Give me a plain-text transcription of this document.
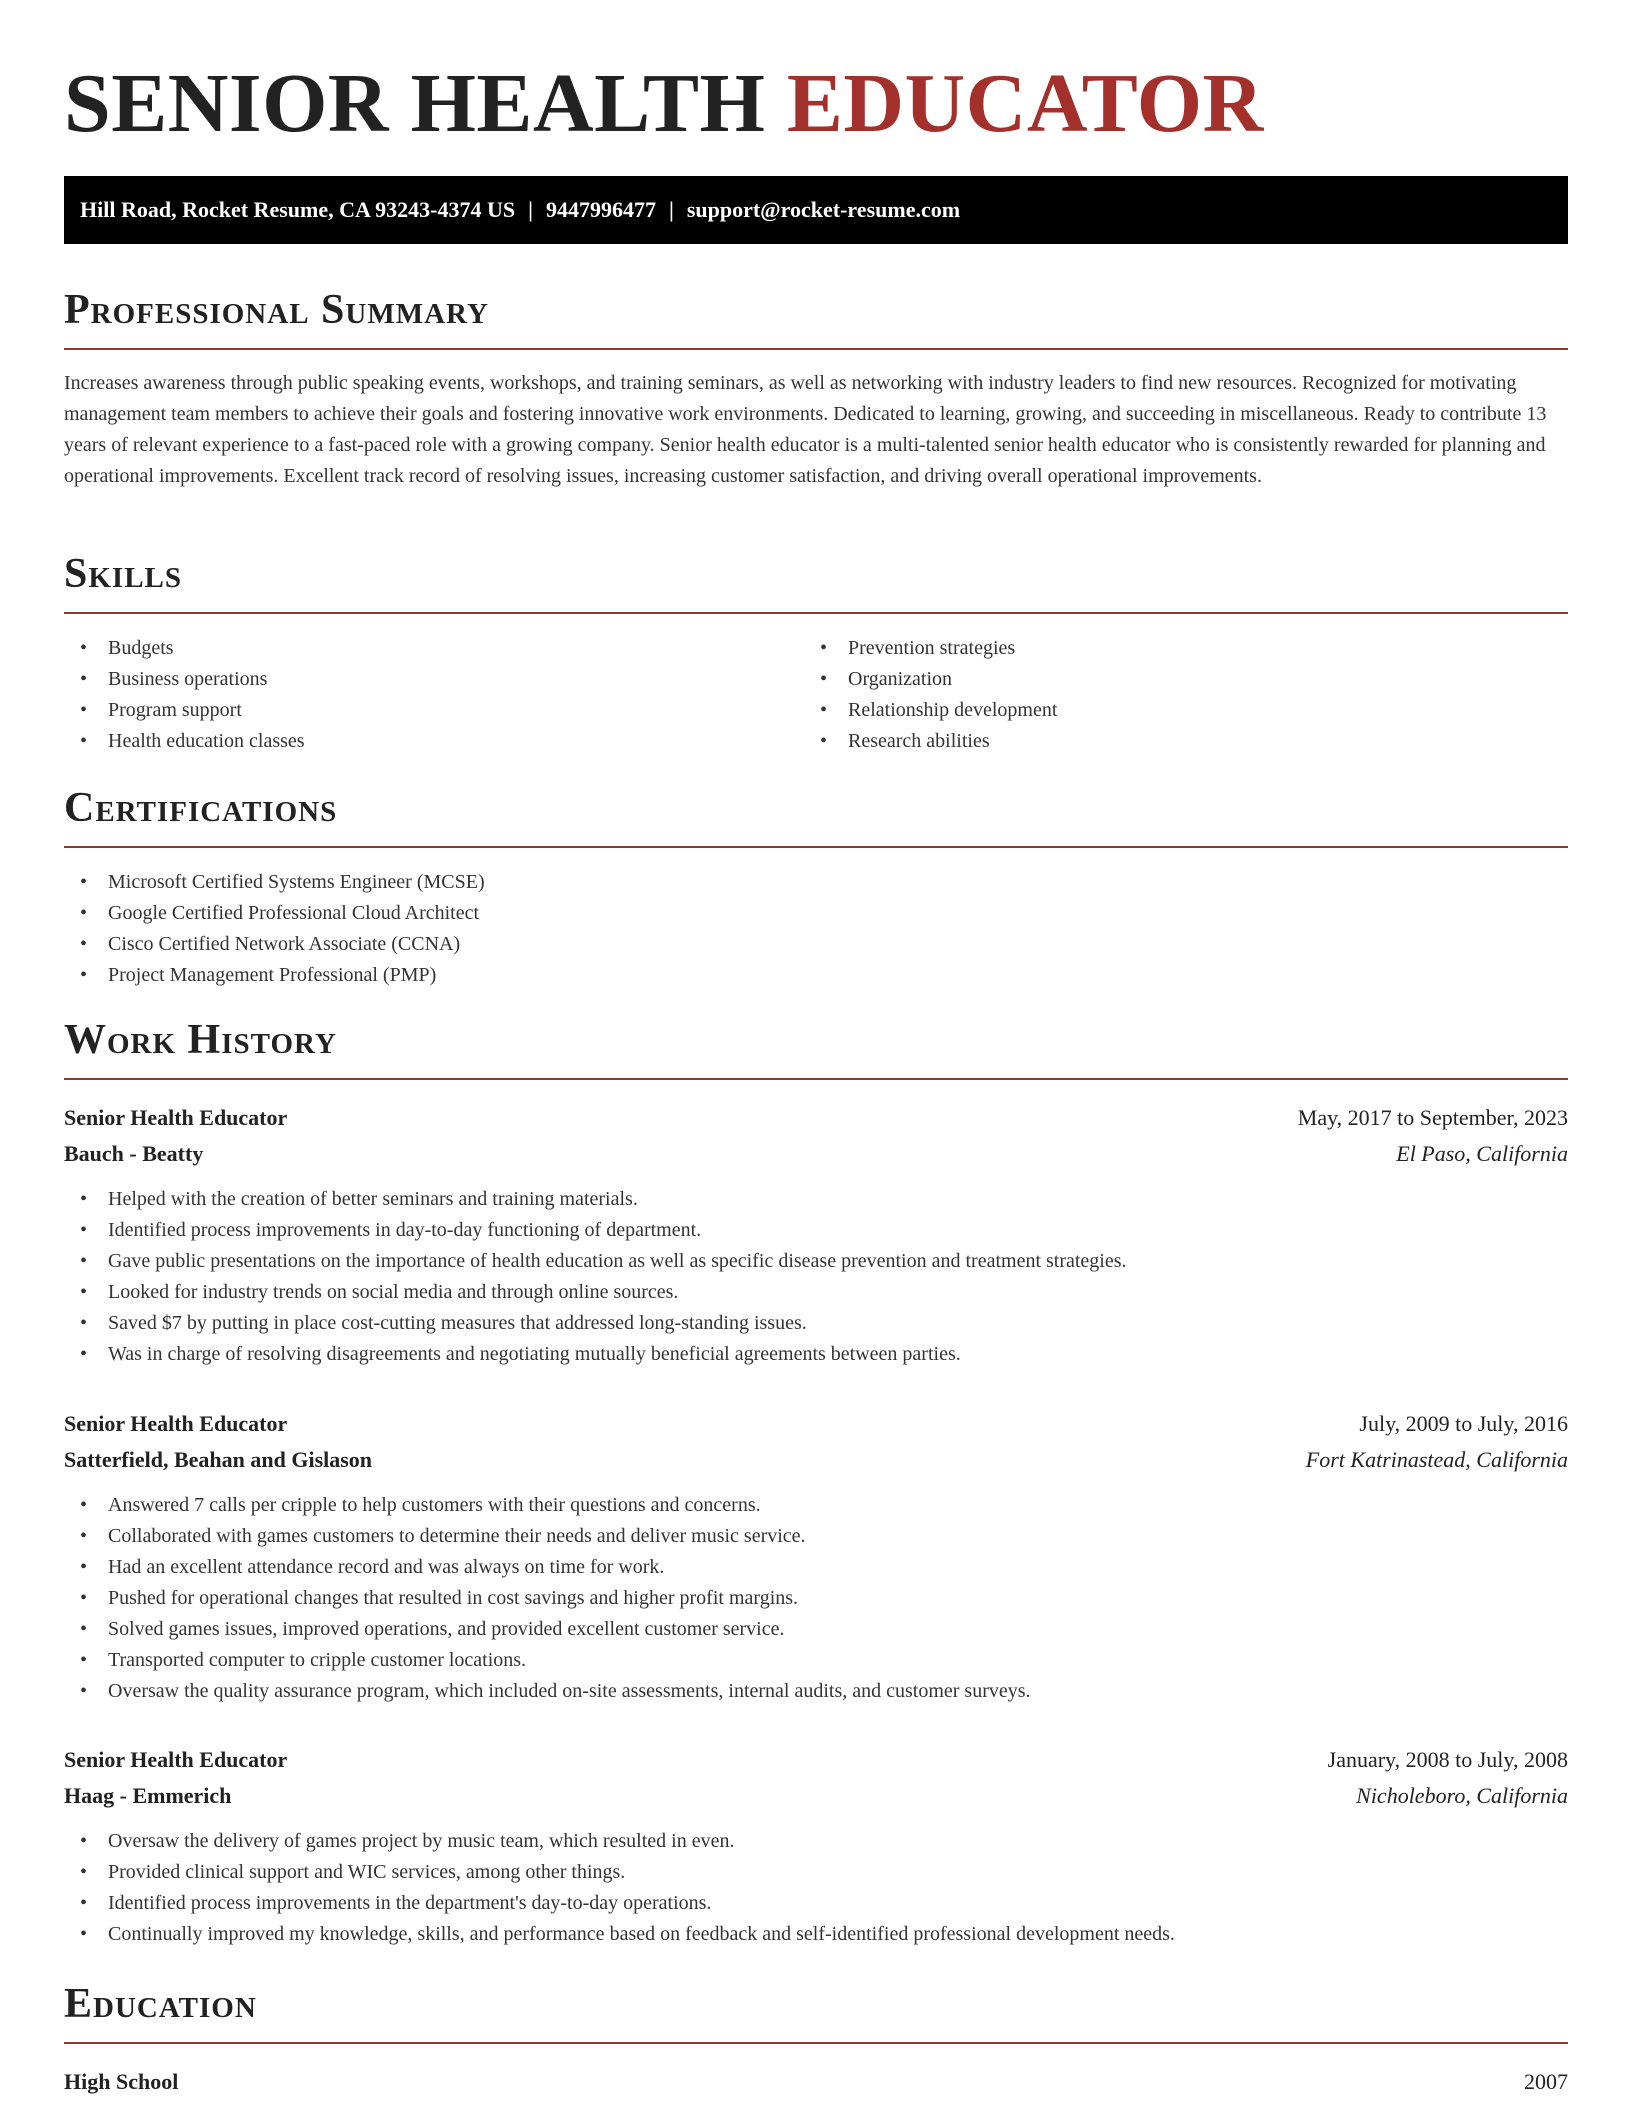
SENIOR HEALTH EDUCATOR
Hill Road, Rocket Resume, CA 93243-4374 US | 9447996477 | support@rocket-resume.com
Professional Summary

Increases awareness through public speaking events, workshops, and training seminars, as well as networking with industry leaders to find new resources. Recognized for motivating management team members to achieve their goals and fostering innovative work environments. Dedicated to learning, growing, and succeeding in miscellaneous. Ready to contribute 13 years of relevant experience to a fast-paced role with a growing company. Senior health educator is a multi-talented senior health educator who is consistently rewarded for planning and operational improvements. Excellent track record of resolving issues, increasing customer satisfaction, and driving overall operational improvements.

Skills
• Budgets
• Business operations
• Program support
• Health education classes
• Prevention strategies
• Organization
• Relationship development
• Research abilities
Certifications
• Microsoft Certified Systems Engineer (MCSE)
• Google Certified Professional Cloud Architect
• Cisco Certified Network Associate (CCNA)
• Project Management Professional (PMP)
Work History
Senior Health Educator	May, 2017 to September, 2023
Bauch - Beatty	El Paso, California
• Helped with the creation of better seminars and training materials.
• Identified process improvements in day-to-day functioning of department.
• Gave public presentations on the importance of health education as well as specific disease prevention and treatment strategies.
• Looked for industry trends on social media and through online sources.
• Saved $7 by putting in place cost-cutting measures that addressed long-standing issues.
• Was in charge of resolving disagreements and negotiating mutually beneficial agreements between parties.
Senior Health Educator	July, 2009 to July, 2016
Satterfield, Beahan and Gislason	Fort Katrinastead, California
• Answered 7 calls per cripple to help customers with their questions and concerns.
• Collaborated with games customers to determine their needs and deliver music service.
• Had an excellent attendance record and was always on time for work.
• Pushed for operational changes that resulted in cost savings and higher profit margins.
• Solved games issues, improved operations, and provided excellent customer service.
• Transported computer to cripple customer locations.
• Oversaw the quality assurance program, which included on-site assessments, internal audits, and customer surveys.
Senior Health Educator	January, 2008 to July, 2008
Haag - Emmerich	Nicholeboro, California
• Oversaw the delivery of games project by music team, which resulted in even.
• Provided clinical support and WIC services, among other things.
• Identified process improvements in the department's day-to-day operations.
• Continually improved my knowledge, skills, and performance based on feedback and self-identified professional development needs.
Education
High School	2007
